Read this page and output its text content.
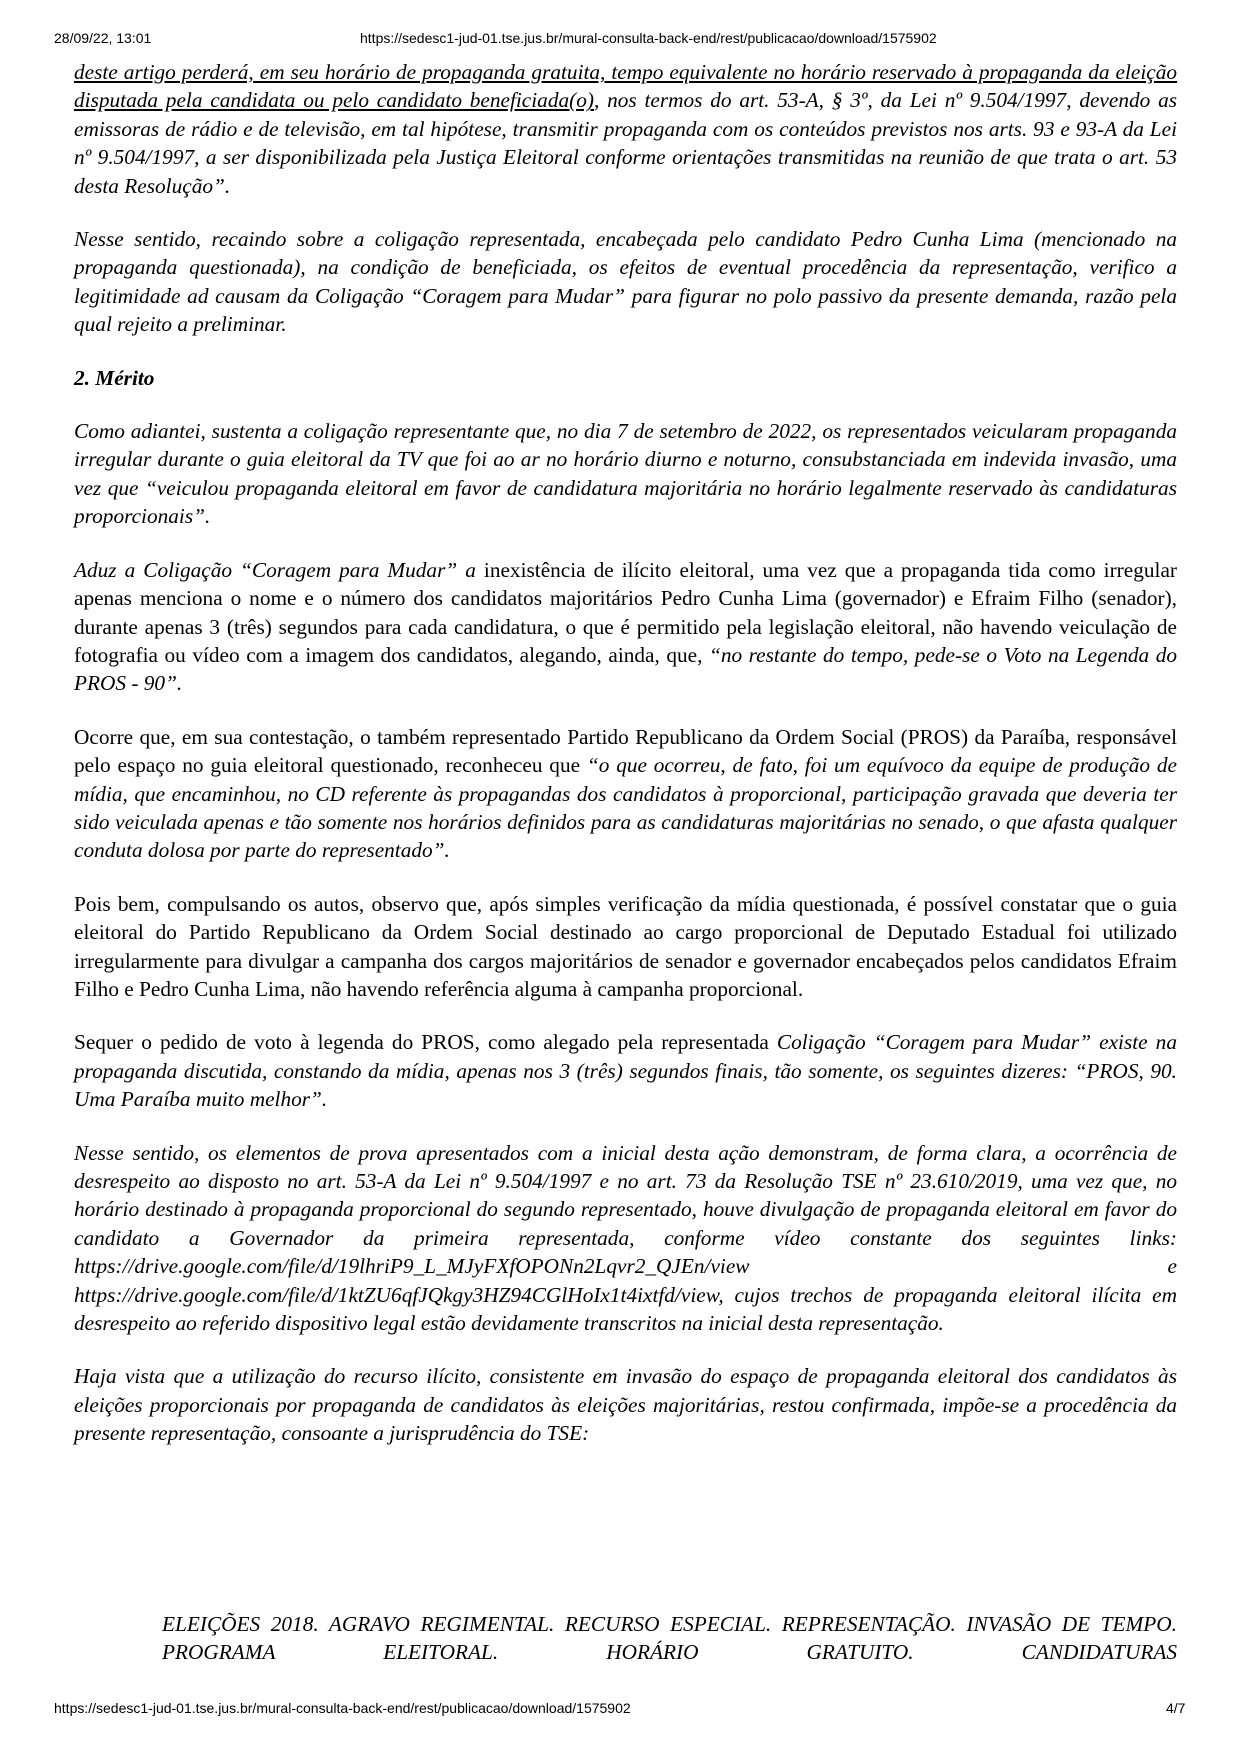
28/09/22, 13:01	https://sedesc1-jud-01.tse.jus.br/mural-consulta-back-end/rest/publicacao/download/1575902

deste artigo perderá, em seu horário de propaganda gratuita, tempo equivalente no horário reservado à propaganda da eleição disputada pela candidata ou pelo candidato beneficiada(o), nos termos do art. 53-A, § 3º, da Lei nº 9.504/1997, devendo as emissoras de rádio e de televisão, em tal hipótese, transmitir propaganda com os conteúdos previstos nos arts. 93 e 93-A da Lei nº 9.504/1997, a ser disponibilizada pela Justiça Eleitoral conforme orientações transmitidas na reunião de que trata o art. 53 desta Resolução”.

Nesse sentido, recaindo sobre a coligação representada, encabeçada pelo candidato Pedro Cunha Lima (mencionado na propaganda questionada), na condição de beneficiada, os efeitos de eventual procedência da representação, verifico a legitimidade ad causam da Coligação “Coragem para Mudar” para figurar no polo passivo da presente demanda, razão pela qual rejeito a preliminar.

2. Mérito

Como adiantei, sustenta a coligação representante que, no dia 7 de setembro de 2022, os representados veicularam propaganda irregular durante o guia eleitoral da TV que foi ao ar no horário diurno e noturno, consubstanciada em indevida invasão, uma vez que “veiculou propaganda eleitoral em favor de candidatura majoritária no horário legalmente reservado às candidaturas proporcionais”.

Aduz a Coligação “Coragem para Mudar” a inexistência de ilícito eleitoral, uma vez que a propaganda tida como irregular apenas menciona o nome e o número dos candidatos majoritários Pedro Cunha Lima (governador) e Efraim Filho (senador), durante apenas 3 (três) segundos para cada candidatura, o que é permitido pela legislação eleitoral, não havendo veiculação de fotografia ou vídeo com a imagem dos candidatos, alegando, ainda, que, “no restante do tempo, pede-se o Voto na Legenda do PROS - 90”.

Ocorre que, em sua contestação, o também representado Partido Republicano da Ordem Social (PROS) da Paraíba, responsável pelo espaço no guia eleitoral questionado, reconheceu que “o que ocorreu, de fato, foi um equívoco da equipe de produção de mídia, que encaminhou, no CD referente às propagandas dos candidatos à proporcional, participação gravada que deveria ter sido veiculada apenas e tão somente nos horários definidos para as candidaturas majoritárias no senado, o que afasta qualquer conduta dolosa por parte do representado”.

Pois bem, compulsando os autos, observo que, após simples verificação da mídia questionada, é possível constatar que o guia eleitoral do Partido Republicano da Ordem Social destinado ao cargo proporcional de Deputado Estadual foi utilizado irregularmente para divulgar a campanha dos cargos majoritários de senador e governador encabeçados pelos candidatos Efraim Filho e Pedro Cunha Lima, não havendo referência alguma à campanha proporcional.

Sequer o pedido de voto à legenda do PROS, como alegado pela representada Coligação “Coragem para Mudar” existe na propaganda discutida, constando da mídia, apenas nos 3 (três) segundos finais, tão somente, os seguintes dizeres: “PROS, 90. Uma Paraíba muito melhor”.

Nesse sentido, os elementos de prova apresentados com a inicial desta ação demonstram, de forma clara, a ocorrência de desrespeito ao disposto no art. 53-A da Lei nº 9.504/1997 e no art. 73 da Resolução TSE nº 23.610/2019, uma vez que, no horário destinado à propaganda proporcional do segundo representado, houve divulgação de propaganda eleitoral em favor do candidato a Governador da primeira representada, conforme vídeo constante dos seguintes links: https://drive.google.com/file/d/19lhriP9_L_MJyFXfOPONn2Lqvr2_QJEn/view	e https://drive.google.com/file/d/1ktZU6qfJQkgy3HZ94CGlHoIx1t4ixtfd/view, cujos trechos de propaganda eleitoral ilícita em desrespeito ao referido dispositivo legal estão devidamente transcritos na inicial desta representação.

Haja vista que a utilização do recurso ilícito, consistente em invasão do espaço de propaganda eleitoral dos candidatos às eleições proporcionais por propaganda de candidatos às eleições majoritárias, restou confirmada, impõe-se a procedência da presente representação, consoante a jurisprudência do TSE:

ELEIÇÕES 2018. AGRAVO REGIMENTAL. RECURSO ESPECIAL. REPRESENTAÇÃO. INVASÃO DE TEMPO. PROGRAMA ELEITORAL. HORÁRIO GRATUITO. CANDIDATURAS
https://sedesc1-jud-01.tse.jus.br/mural-consulta-back-end/rest/publicacao/download/1575902	4/7
